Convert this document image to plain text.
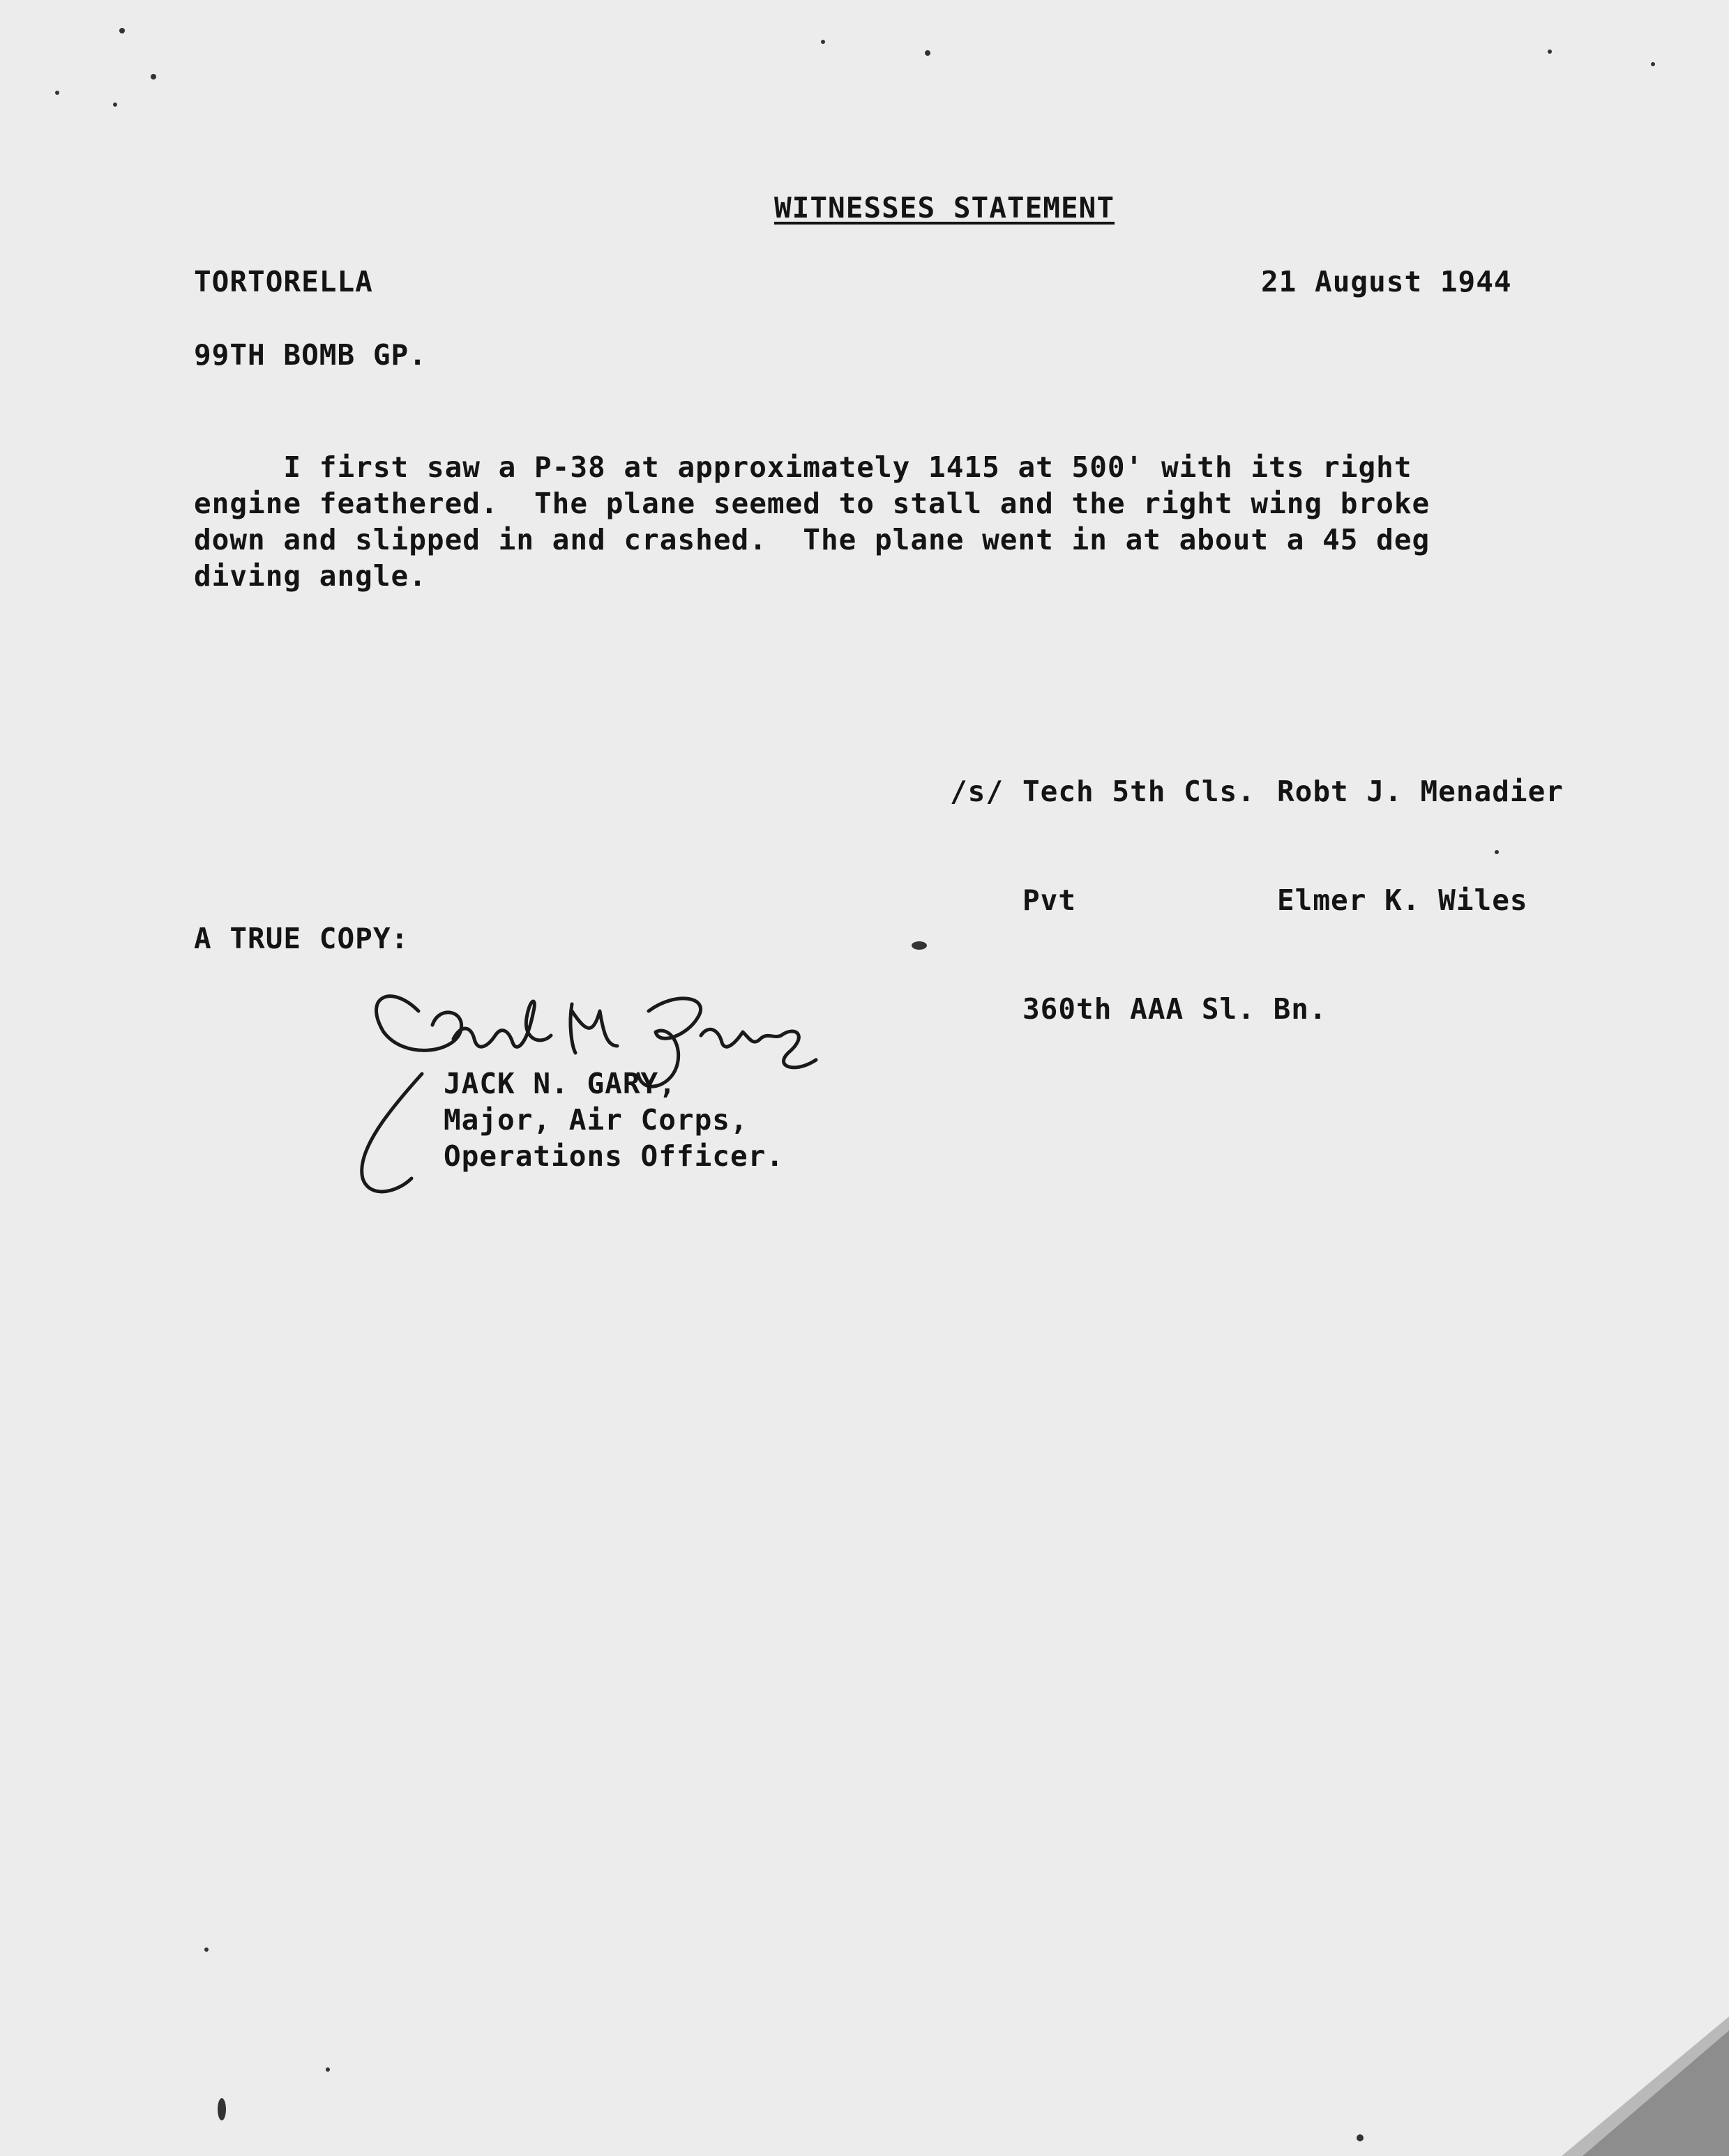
WITNESSES STATEMENT
TORTORELLA	21 August 1944
99TH BOMB GP.

I first saw a P-38 at approximately 1415 at 500' with its right

engine feathered.  The plane seemed to stall and the right wing broke

down and slipped in and crashed.  The plane went in at about a 45 deg

diving angle.

/s/ Tech 5th Cls. Robt J. Menadier

Pvt	Elmer K. Wiles

360th AAA Sl. Bn.

A TRUE COPY:
JACK N. GARY,
Major, Air Corps,
Operations Officer.
